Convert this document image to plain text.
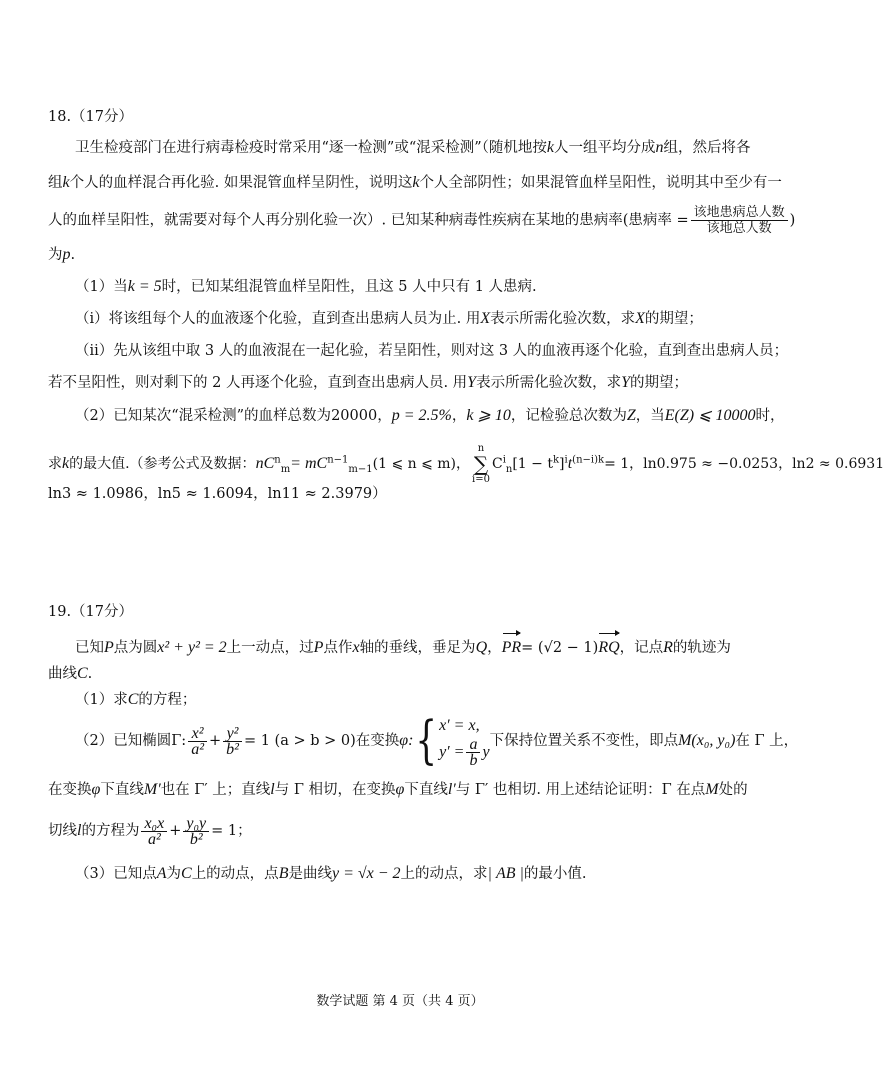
18.（17分）
卫生检疫部门在进行病毒检疫时常采用“逐一检测”或“混采检测”（随机地按k人一组平均分成n组，然后将各
组k个人的血样混合再化验. 如果混管血样呈阴性，说明这k个人全部阴性；如果混管血样呈阳性，说明其中至少有一
人的血样呈阳性，就需要对每个人再分别化验一次）. 已知某种病毒性疾病在某地的患病率(患病率 = $\frac{\text{该地患病总人数}}{\text{该地总人数}}$ )
为p.
（1）当k = 5时，已知某组混管血样呈阳性，且这 5 人中只有 1 人患病.
（i）将该组每个人的血液逐个化验，直到查出患病人员为止. 用X表示所需化验次数，求X的期望；
（ii）先从该组中取 3 人的血液混在一起化验，若呈阳性，则对这 3 人的血液再逐个化验，直到查出患病人员；
若不呈阳性，则对剩下的 2 人再逐个化验，直到查出患病人员. 用Y表示所需化验次数，求Y的期望；
（2）已知某次“混采检测”的血样总数为20000，p = 2.5%，k ⩾ 10，记检验总次数为Z，当E(Z) ⩽ 10000时，
求k的最大值.（参考公式及数据：$nC^n_m= mC^{n-1}_{m-1}(1$ ⩽ n ⩽ m)，n
∑
$i=0C^i_n[1 - t^k]^it^{(n-i)k}= 1$，ln0.975 ≈ −0.0253，ln2 ≈ 0.6931
ln3 ≈ 1.0986，ln5 ≈ 1.6094，ln11 ≈ 2.3979）
19.（17分）
已知P点为圆x² + y² = 2上一动点，过P点作x轴的垂线，垂足为Q，PR= (√2 − 1)RQ，记点R的轨迹为
曲线C.
（1）求C的方程；
（2）已知椭圆Γ: $\frac{\text{x²}}{\text{a²}} + \frac{\text{y²}}{\text{b²}} = 1$ (a > b > 0)在变换φ:{ x′ = x,
$y' = \frac{a}{b}$ y
下保持位置关系不变性，即点M(x₀, y₀)在 Γ 上，
在变换φ下直线M′也在 Γ′ 上；直线l与 Γ 相切，在变换φ下直线l′与 Γ′ 也相切. 用上述结论证明：Γ 在点M处的
切线l的方程为 $\frac{\text{x₀x}}{\text{a²}} + \frac{\text{y₀y}}{\text{b²}} = 1$；
（3）已知点A为C上的动点，点B是曲线y = √x − 2上的动点，求| AB |的最小值.
数学试题 第 4 页（共 4 页）
